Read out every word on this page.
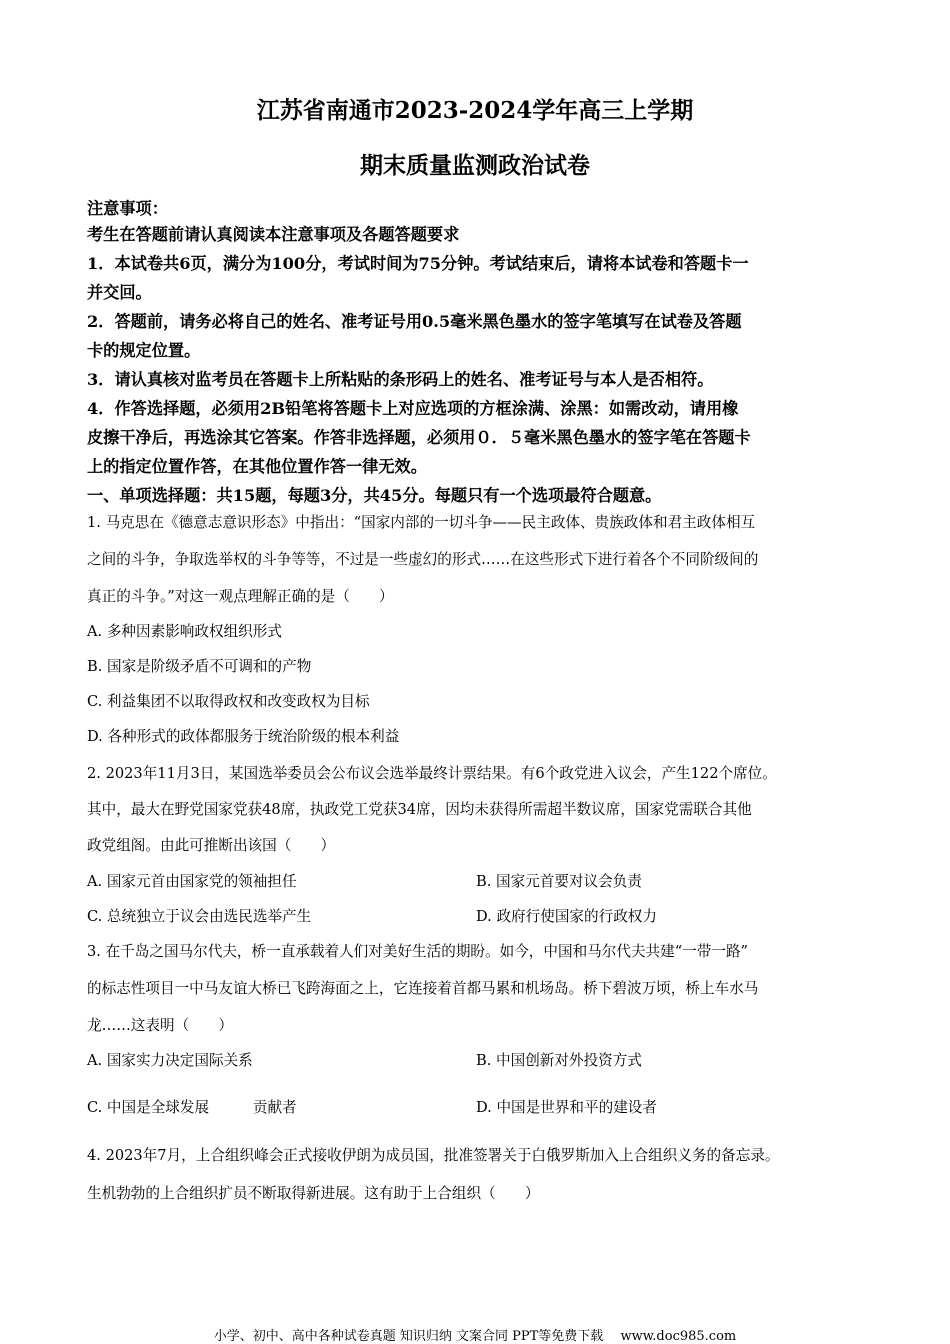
江苏省南通市2023-2024学年高三上学期
期末质量监测政治试卷
注意事项：
考生在答题前请认真阅读本注意事项及各题答题要求
1．本试卷共6页，满分为100分，考试时间为75分钟。考试结束后，请将本试卷和答题卡一
并交回。
2．答题前，请务必将自己的姓名、准考证号用0.5毫米黑色墨水的签字笔填写在试卷及答题
卡的规定位置。
3．请认真核对监考员在答题卡上所粘贴的条形码上的姓名、准考证号与本人是否相符。
4．作答选择题，必须用2B铅笔将答题卡上对应选项的方框涂满、涂黑：如需改动，请用橡
皮擦干净后，再选涂其它答案。作答非选择题，必须用０．５毫米黑色墨水的签字笔在答题卡
上的指定位置作答，在其他位置作答一律无效。
一、单项选择题：共15题，每题3分，共45分。每题只有一个选项最符合题意。
1. 马克思在《德意志意识形态》中指出：“国家内部的一切斗争——民主政体、贵族政体和君主政体相互
之间的斗争，争取选举权的斗争等等，不过是一些虚幻的形式……在这些形式下进行着各个不同阶级间的
真正的斗争。”对这一观点理解正确的是（　　）
A. 多种因素影响政权组织形式
B. 国家是阶级矛盾不可调和的产物
C. 利益集团不以取得政权和改变政权为目标
D. 各种形式的政体都服务于统治阶级的根本利益
2. 2023年11月3日，某国选举委员会公布议会选举最终计票结果。有6个政党进入议会，产生122个席位。
其中，最大在野党国家党获48席，执政党工党获34席，因均未获得所需超半数议席，国家党需联合其他
政党组阁。由此可推断出该国（　　）
A. 国家元首由国家党的领袖担任	B. 国家元首要对议会负责
C. 总统独立于议会由选民选举产生	D. 政府行使国家的行政权力
3. 在千岛之国马尔代夫，桥一直承载着人们对美好生活的期盼。如今，中国和马尔代夫共建“一带一路”
的标志性项目一中马友谊大桥已飞跨海面之上，它连接着首都马累和机场岛。桥下碧波万顷，桥上车水马
龙……这表明（　　）
A. 国家实力决定国际关系	B. 中国创新对外投资方式
C. 中国是全球发展　　　贡献者	D. 中国是世界和平的建设者
4. 2023年7月，上合组织峰会正式接收伊朗为成员国，批准签署关于白俄罗斯加入上合组织义务的备忘录。
生机勃勃的上合组织扩员不断取得新进展。这有助于上合组织（　　）
小学、初中、高中各种试卷真题 知识归纳 文案合同 PPT等免费下载　 www.doc985.com
